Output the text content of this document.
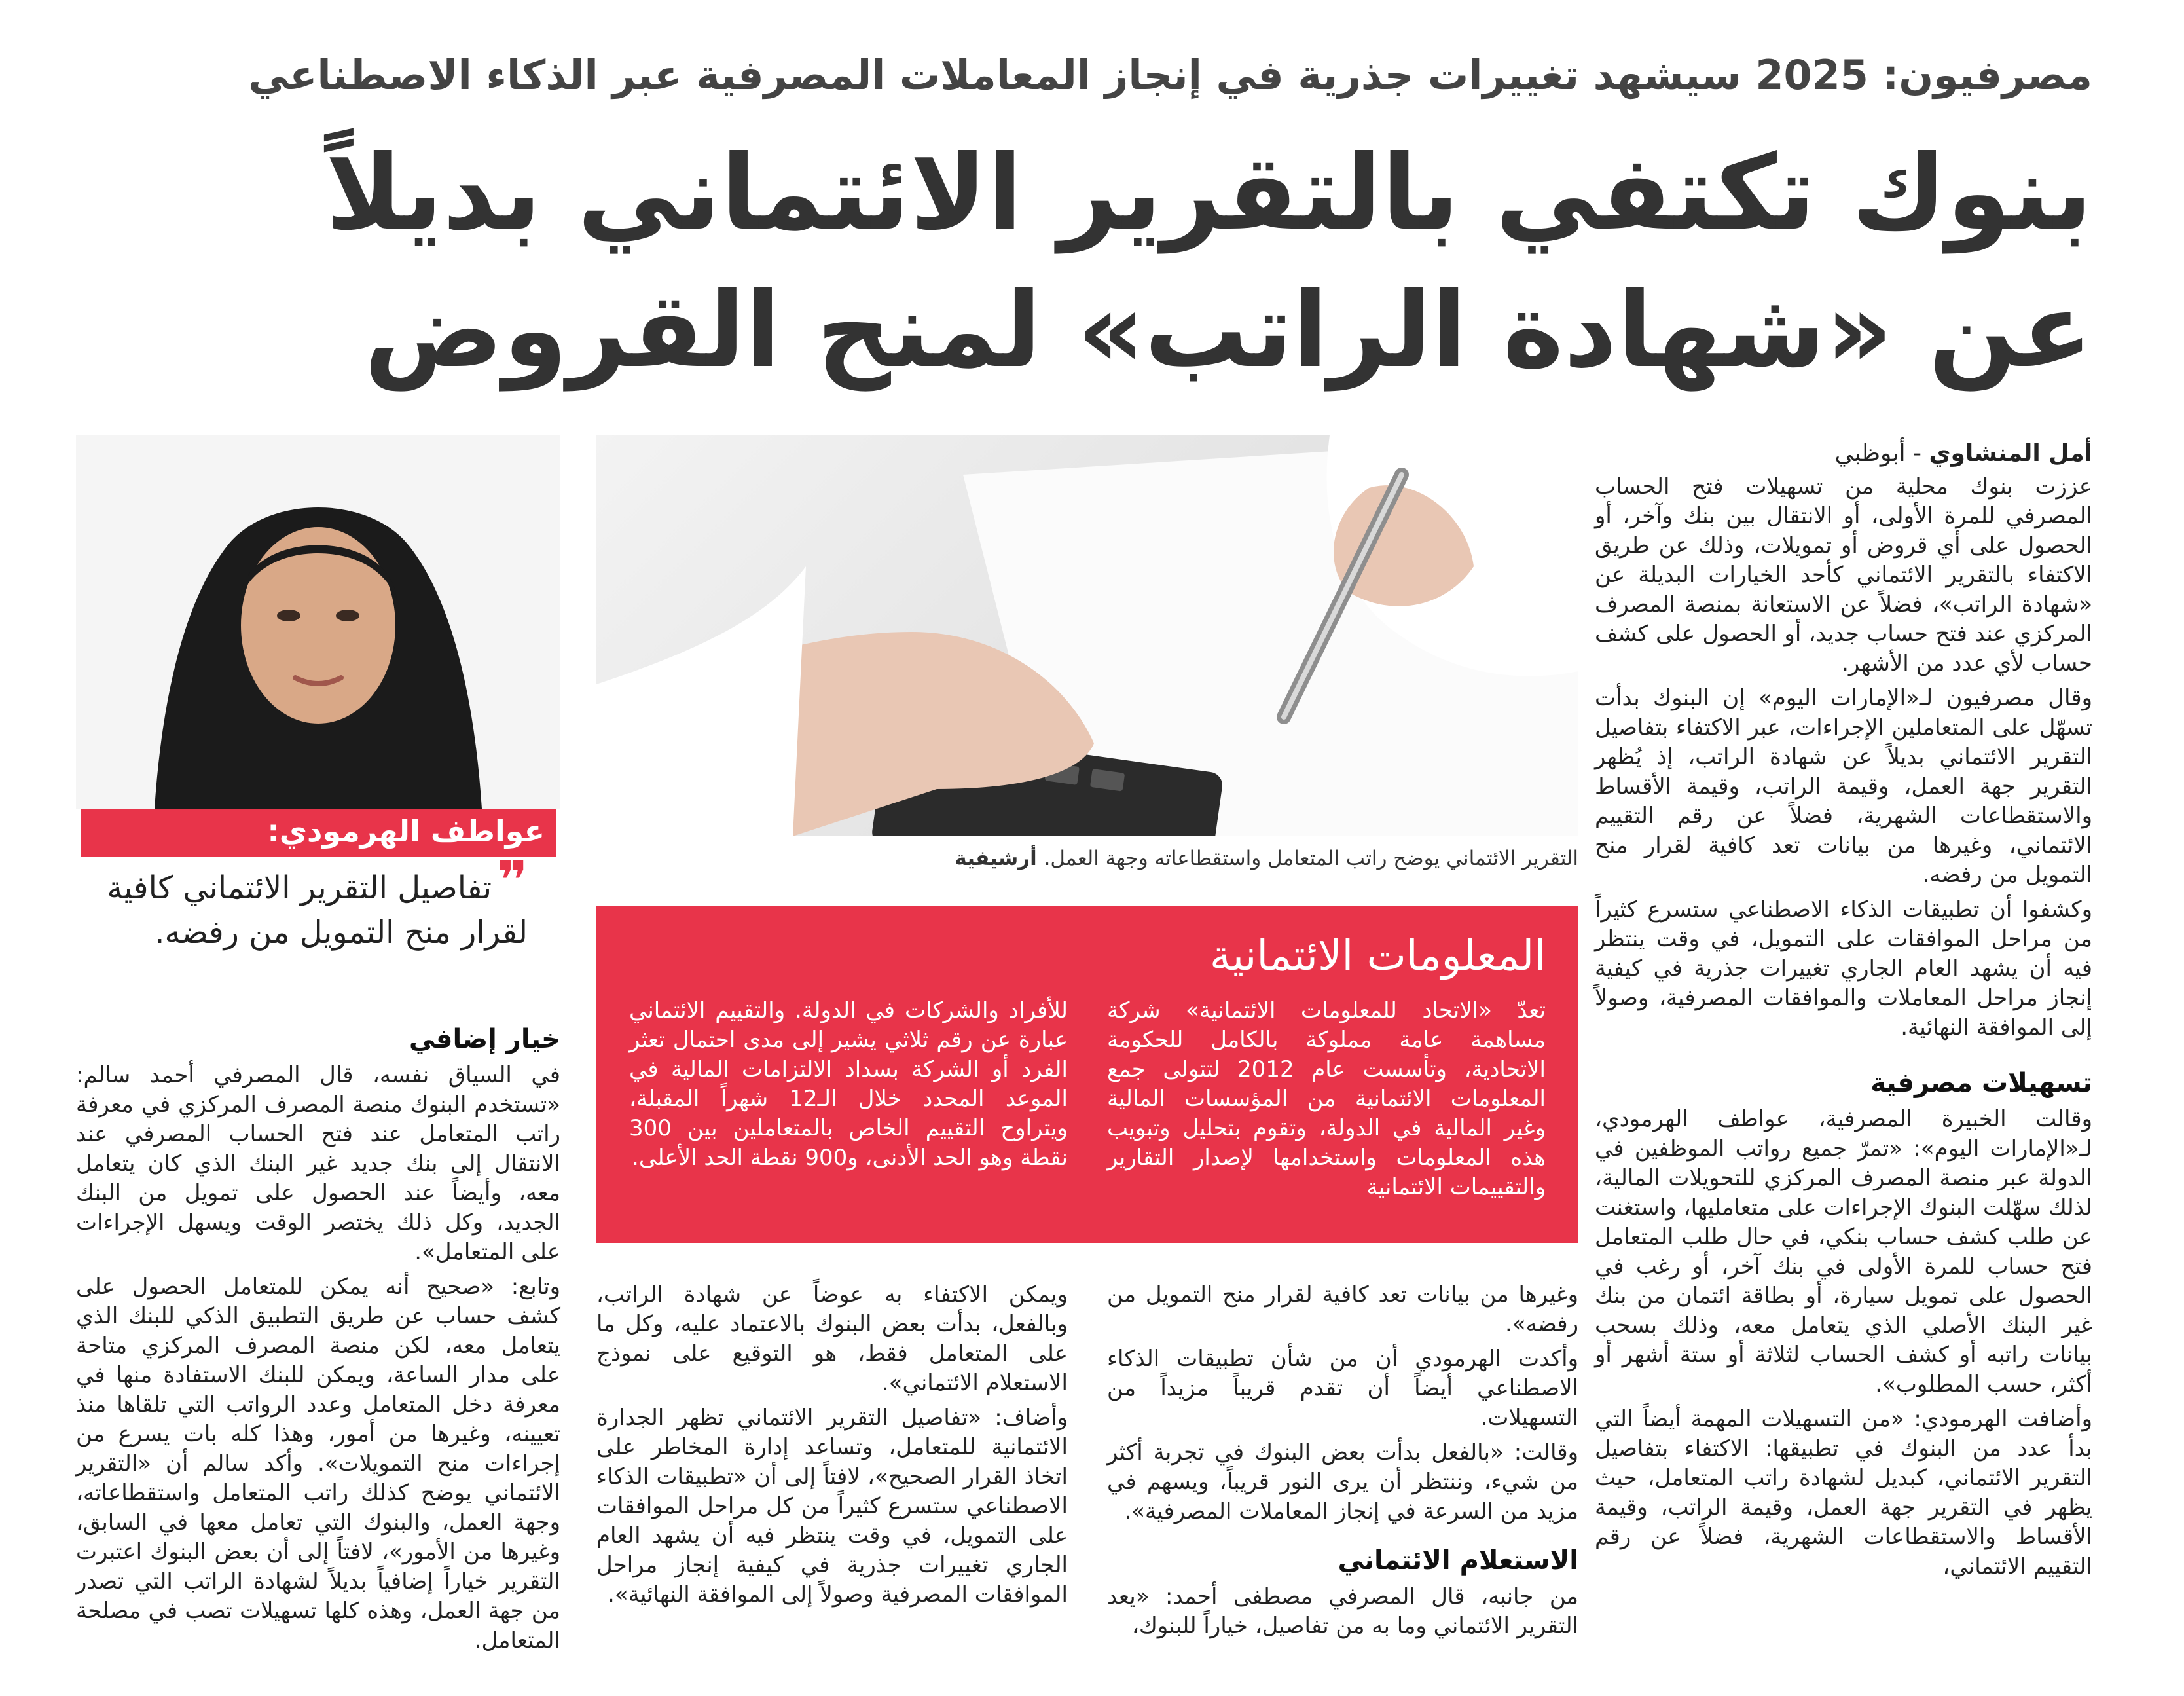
مصرفيون: 2025 سيشهد تغييرات جذرية في إنجاز المعاملات المصرفية عبر الذكاء الاصطناعي
بنوك تكتفي بالتقرير الائتماني بديلاً
عن «شهادة الراتب» لمنح القروض
أمل المنشاوي - أبوظبي

عززت بنوك محلية من تسهيلات فتح الحساب المصرفي للمرة الأولى، أو الانتقال بين بنك وآخر، أو الحصول على أي قروض أو تمويلات، وذلك عن طريق الاكتفاء بالتقرير الائتماني كأحد الخيارات البديلة عن «شهادة الراتب»، فضلاً عن الاستعانة بمنصة المصرف المركزي عند فتح حساب جديد، أو الحصول على كشف حساب لأي عدد من الأشهر.

وقال مصرفيون لـ«الإمارات اليوم» إن البنوك بدأت تسهّل على المتعاملين الإجراءات، عبر الاكتفاء بتفاصيل التقرير الائتماني بديلاً عن شهادة الراتب، إذ يُظهر التقرير جهة العمل، وقيمة الراتب، وقيمة الأقساط والاستقطاعات الشهرية، فضلاً عن رقم التقييم الائتماني، وغيرها من بيانات تعد كافية لقرار منح التمويل من رفضه.

وكشفوا أن تطبيقات الذكاء الاصطناعي ستسرع كثيراً من مراحل الموافقات على التمويل، في وقت ينتظر فيه أن يشهد العام الجاري تغييرات جذرية في كيفية إنجاز مراحل المعاملات والموافقات المصرفية، وصولاً إلى الموافقة النهائية.

تسهيلات مصرفية

وقالت الخبيرة المصرفية، عواطف الهرمودي، لـ«الإمارات اليوم»: «تمرّ جميع رواتب الموظفين في الدولة عبر منصة المصرف المركزي للتحويلات المالية، لذلك سهّلت البنوك الإجراءات على متعامليها، واستغنت عن طلب كشف حساب بنكي، في حال طلب المتعامل فتح حساب للمرة الأولى في بنك آخر، أو رغب في الحصول على تمويل سيارة، أو بطاقة ائتمان من بنك غير البنك الأصلي الذي يتعامل معه، وذلك بسحب بيانات راتبه أو كشف الحساب لثلاثة أو ستة أشهر أو أكثر، حسب المطلوب».

وأضافت الهرمودي: «من التسهيلات المهمة أيضاً التي بدأ عدد من البنوك في تطبيقها: الاكتفاء بتفاصيل التقرير الائتماني، كبديل لشهادة راتب المتعامل، حيث يظهر في التقرير جهة العمل، وقيمة الراتب، وقيمة الأقساط والاستقطاعات الشهرية، فضلاً عن رقم التقييم الائتماني،

التقرير الائتماني يوضح راتب المتعامل واستقطاعاته وجهة العمل. أرشيفية
المعلومات الائتمانية
تعدّ «الاتحاد للمعلومات الائتمانية» شركة مساهمة عامة مملوكة بالكامل للحكومة الاتحادية، وتأسست عام 2012 لتتولى جمع المعلومات الائتمانية من المؤسسات المالية وغير المالية في الدولة، وتقوم بتحليل وتبويب هذه المعلومات واستخدامها لإصدار التقارير والتقييمات الائتمانية
للأفراد والشركات في الدولة. والتقييم الائتماني عبارة عن رقم ثلاثي يشير إلى مدى احتمال تعثر الفرد أو الشركة بسداد الالتزامات المالية في الموعد المحدد خلال الـ12 شهراً المقبلة، ويتراوح التقييم الخاص بالمتعاملين بين 300 نقطة وهو الحد الأدنى، و900 نقطة الحد الأعلى.

وغيرها من بيانات تعد كافية لقرار منح التمويل من رفضه».

وأكدت الهرمودي أن من شأن تطبيقات الذكاء الاصطناعي أيضاً أن تقدم قريباً مزيداً من التسهيلات.

وقالت: «بالفعل بدأت بعض البنوك في تجربة أكثر من شيء، وننتظر أن يرى النور قريباً، ويسهم في مزيد من السرعة في إنجاز المعاملات المصرفية».

الاستعلام الائتماني

من جانبه، قال المصرفي مصطفى أحمد: «يعد التقرير الائتماني وما به من تفاصيل، خياراً للبنوك،

ويمكن الاكتفاء به عوضاً عن شهادة الراتب، وبالفعل، بدأت بعض البنوك بالاعتماد عليه، وكل ما على المتعامل فقط، هو التوقيع على نموذج الاستعلام الائتماني».

وأضاف: «تفاصيل التقرير الائتماني تظهر الجدارة الائتمانية للمتعامل، وتساعد إدارة المخاطر على اتخاذ القرار الصحيح»، لافتاً إلى أن «تطبيقات الذكاء الاصطناعي ستسرع كثيراً من كل مراحل الموافقات على التمويل، في وقت ينتظر فيه أن يشهد العام الجاري تغييرات جذرية في كيفية إنجاز مراحل الموافقات المصرفية وصولاً إلى الموافقة النهائية».

عواطف الهرمودي:
❞تفاصيل التقرير الائتماني كافية لقرار منح التمويل من رفضه.
خيار إضافي

في السياق نفسه، قال المصرفي أحمد سالم: «تستخدم البنوك منصة المصرف المركزي في معرفة راتب المتعامل عند فتح الحساب المصرفي عند الانتقال إلى بنك جديد غير البنك الذي كان يتعامل معه، وأيضاً عند الحصول على تمويل من البنك الجديد، وكل ذلك يختصر الوقت ويسهل الإجراءات على المتعامل».

وتابع: «صحيح أنه يمكن للمتعامل الحصول على كشف حساب عن طريق التطبيق الذكي للبنك الذي يتعامل معه، لكن منصة المصرف المركزي متاحة على مدار الساعة، ويمكن للبنك الاستفادة منها في معرفة دخل المتعامل وعدد الرواتب التي تلقاها منذ تعيينه، وغيرها من أمور، وهذا كله بات يسرع من إجراءات منح التمويلات». وأكد سالم أن «التقرير الائتماني يوضح كذلك راتب المتعامل واستقطاعاته، وجهة العمل، والبنوك التي تعامل معها في السابق، وغيرها من الأمور»، لافتاً إلى أن بعض البنوك اعتبرت التقرير خياراً إضافياً بديلاً لشهادة الراتب التي تصدر من جهة العمل، وهذه كلها تسهيلات تصب في مصلحة المتعامل.
